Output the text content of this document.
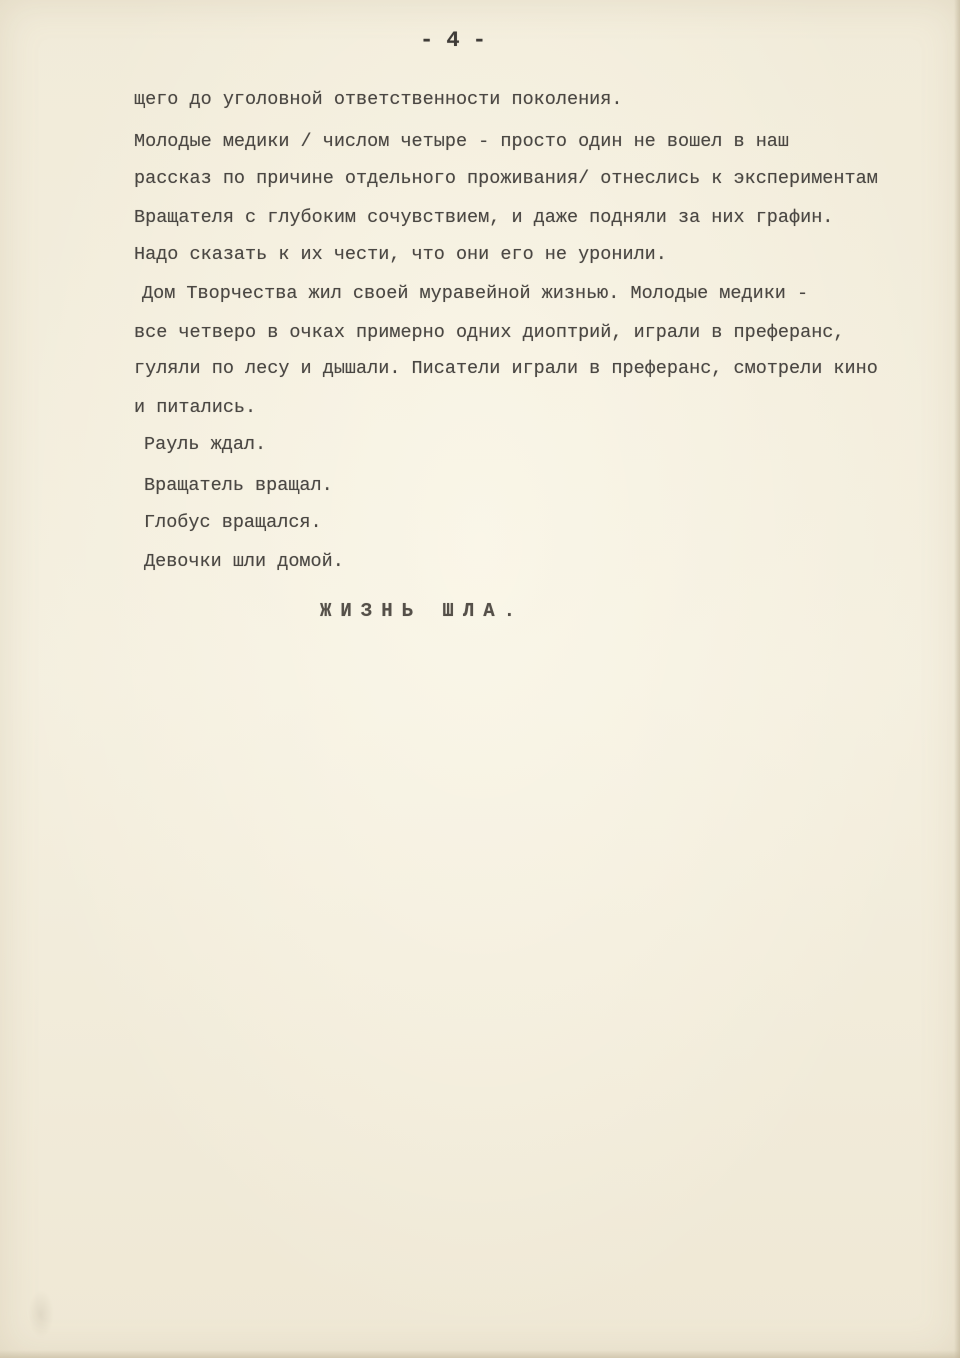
- 4 -
щего до уголовной ответственности поколения.
Молодые медики / числом четыре - просто один не вошел в наш
рассказ по причине отдельного проживания/ отнеслись к экспериментам
Вращателя с глубоким сочувствием, и даже подняли за них графин.
Надо сказать к их чести, что они его не уронили.
Дом Творчества жил своей муравейной жизнью. Молодые медики -
все четверо в очках примерно одних диоптрий, играли в преферанс,
гуляли по лесу и дышали. Писатели играли в преферанс, смотрели кино
и питались.
Рауль ждал.
Вращатель вращал.
Глобус вращался.
Девочки шли домой.
ЖИЗНЬ ШЛА.
